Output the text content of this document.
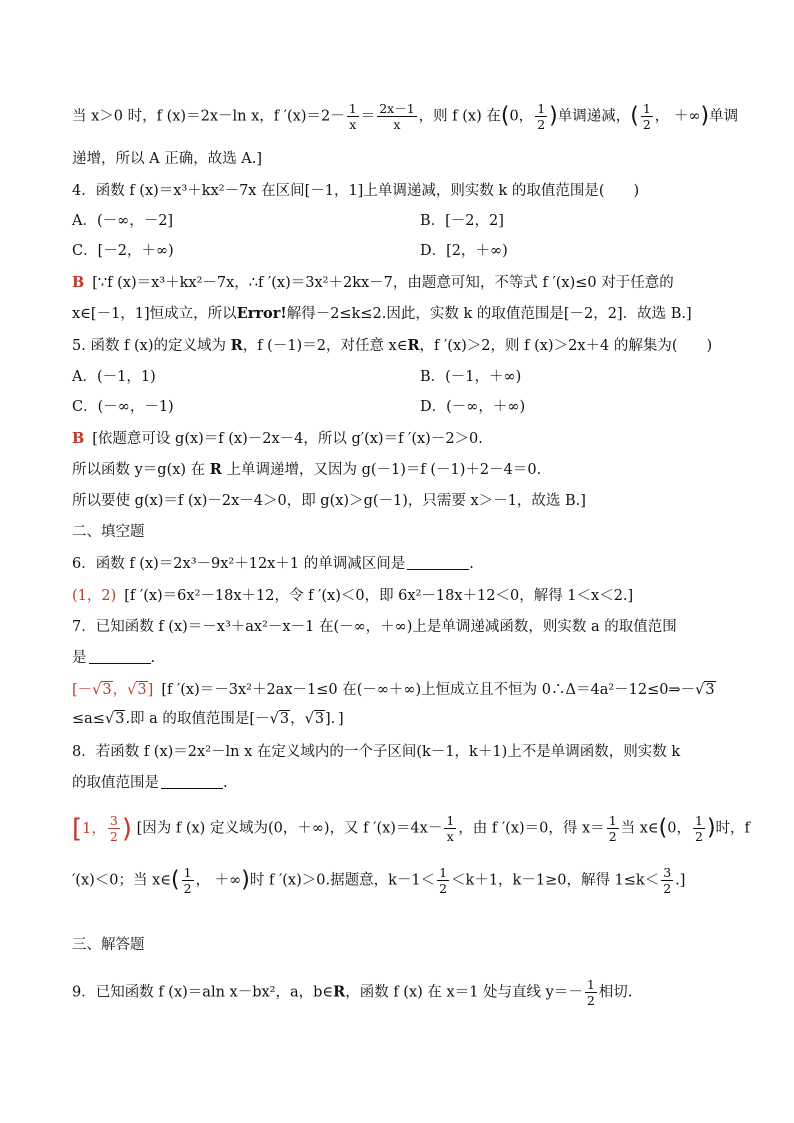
当 x＞0 时，f (x)＝2x－ln x，f $'(x)=2- \frac{1}{x} = \frac{2x-1}{x}$ ，则 f (x) 在(0， $\frac{1}{2}$ )单调递减，( $\frac{1}{2}$ ， ＋∞)单调
递增，所以 A 正确，故选 A.]
4．函数 f (x)＝x³＋kx²－7x 在区间[－1，1]上单调递减，则实数 k 的取值范围是(　　)
A．(－∞，－2]	B．[－2，2]
C．[－2，＋∞)	D．[2，＋∞)
B [∵f (x)＝x³＋kx²－7x，∴f ′(x)＝3x²＋2kx－7，由题意可知，不等式 f ′(x)≤0 对于任意的
x∈[－1，1]恒成立，所以Error!解得－2≤k≤2.因此，实数 k 的取值范围是[－2，2]．故选 B.]
5. 函数 f (x)的定义域为 R，f (－1)＝2，对任意 x∈R，f ′(x)＞2，则 f (x)＞2x＋4 的解集为(　　)
A．(－1，1)	B．(－1，＋∞)
C．(－∞，－1)	D．(－∞，＋∞)
B [依题意可设 g(x)＝f (x)－2x－4，所以 g′(x)＝f ′(x)－2＞0.
所以函数 y＝g(x) 在 R 上单调递增，又因为 g(－1)＝f (－1)＋2－4＝0.
所以要使 g(x)＝f (x)－2x－4＞0，即 g(x)＞g(－1)，只需要 x＞－1，故选 B.]
二、填空题
6．函数 f (x)＝2x³－9x²＋12x＋1 的单调减区间是	.
(1，2) [f ′(x)＝6x²－18x＋12，令 f ′(x)＜0，即 6x²－18x＋12＜0，解得 1＜x＜2.]
7．已知函数 f (x)＝－x³＋ax²－x－1 在(－∞，＋∞)上是单调递减函数，则实数 a 的取值范围
是	.
[－√3，√3] [f ′(x)＝－3x²＋2ax－1≤0 在(－∞＋∞)上恒成立且不恒为 0∴Δ＝4a²－12≤0⇒－√3
≤a≤√3.即 a 的取值范围是[－√3，√3]．]
8．若函数 f (x)＝2x²－ln x 在定义域内的一个子区间(k－1，k＋1)上不是单调函数，则实数 k
的取值范围是	.
[1， $\frac{3}{2}$ ) [因为 f (x) 定义域为(0，＋∞)，又 f $'(x)=4x- \frac{1}{x}$ ，由 f ′(x)＝0，得 $x= \frac{1}{2}$ 当 x∈(0， $\frac{1}{2}$ )时，f
′(x)＜0；当 x∈( $\frac{1}{2}$ ， ＋∞)时 f ′(x)＞0.据题意，$k-1< \frac{1}{2} <k+1$，k－1≥0，解得 $1\le k< \frac{3}{2}$ .]
三、解答题
9．已知函数 f (x)＝aln x－bx²，a，b∈R，函数 f (x) 在 x＝1 处与直线 $y=- \frac{1}{2}$ 相切.
